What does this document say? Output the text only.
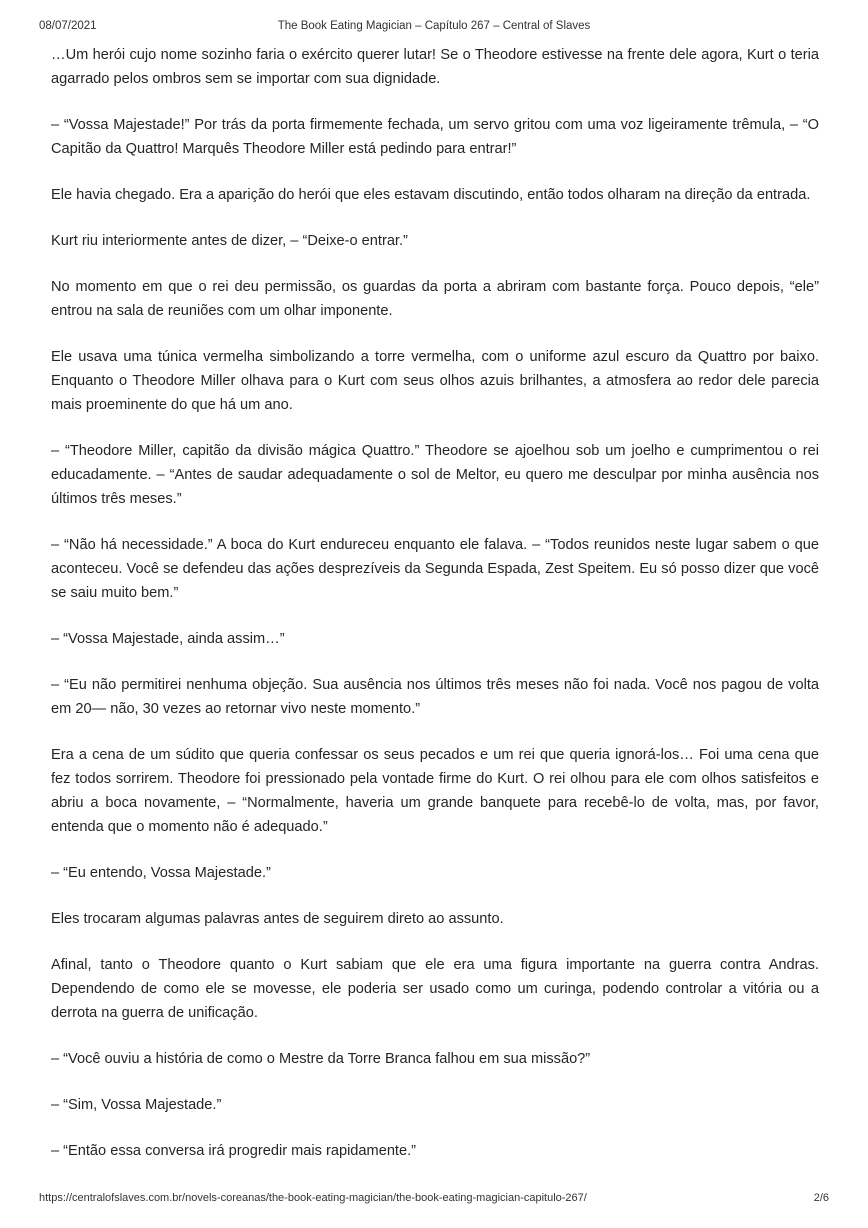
08/07/2021	The Book Eating Magician – Capítulo 267 – Central of Slaves

…Um herói cujo nome sozinho faria o exército querer lutar! Se o Theodore estivesse na frente dele agora, Kurt o teria agarrado pelos ombros sem se importar com sua dignidade.

– “Vossa Majestade!” Por trás da porta firmemente fechada, um servo gritou com uma voz ligeiramente trêmula, – “O Capitão da Quattro! Marquês Theodore Miller está pedindo para entrar!”

Ele havia chegado. Era a aparição do herói que eles estavam discutindo, então todos olharam na direção da entrada.

Kurt riu interiormente antes de dizer, – “Deixe-o entrar.”

No momento em que o rei deu permissão, os guardas da porta a abriram com bastante força. Pouco depois, “ele” entrou na sala de reuniões com um olhar imponente.

Ele usava uma túnica vermelha simbolizando a torre vermelha, com o uniforme azul escuro da Quattro por baixo. Enquanto o Theodore Miller olhava para o Kurt com seus olhos azuis brilhantes, a atmosfera ao redor dele parecia mais proeminente do que há um ano.

– “Theodore Miller, capitão da divisão mágica Quattro.” Theodore se ajoelhou sob um joelho e cumprimentou o rei educadamente. – “Antes de saudar adequadamente o sol de Meltor, eu quero me desculpar por minha ausência nos últimos três meses.”

– “Não há necessidade.” A boca do Kurt endureceu enquanto ele falava. – “Todos reunidos neste lugar sabem o que aconteceu. Você se defendeu das ações desprezíveis da Segunda Espada, Zest Speitem. Eu só posso dizer que você se saiu muito bem.”

– “Vossa Majestade, ainda assim…”

– “Eu não permitirei nenhuma objeção. Sua ausência nos últimos três meses não foi nada. Você nos pagou de volta em 20— não, 30 vezes ao retornar vivo neste momento.”

Era a cena de um súdito que queria confessar os seus pecados e um rei que queria ignorá-los… Foi uma cena que fez todos sorrirem. Theodore foi pressionado pela vontade firme do Kurt. O rei olhou para ele com olhos satisfeitos e abriu a boca novamente, – “Normalmente, haveria um grande banquete para recebê-lo de volta, mas, por favor, entenda que o momento não é adequado.”

– “Eu entendo, Vossa Majestade.”

Eles trocaram algumas palavras antes de seguirem direto ao assunto.

Afinal, tanto o Theodore quanto o Kurt sabiam que ele era uma figura importante na guerra contra Andras. Dependendo de como ele se movesse, ele poderia ser usado como um curinga, podendo controlar a vitória ou a derrota na guerra de unificação.

– “Você ouviu a história de como o Mestre da Torre Branca falhou em sua missão?”

– “Sim, Vossa Majestade.”

– “Então essa conversa irá progredir mais rapidamente.”

https://centralofslaves.com.br/novels-coreanas/the-book-eating-magician/the-book-eating-magician-capitulo-267/	2/6
